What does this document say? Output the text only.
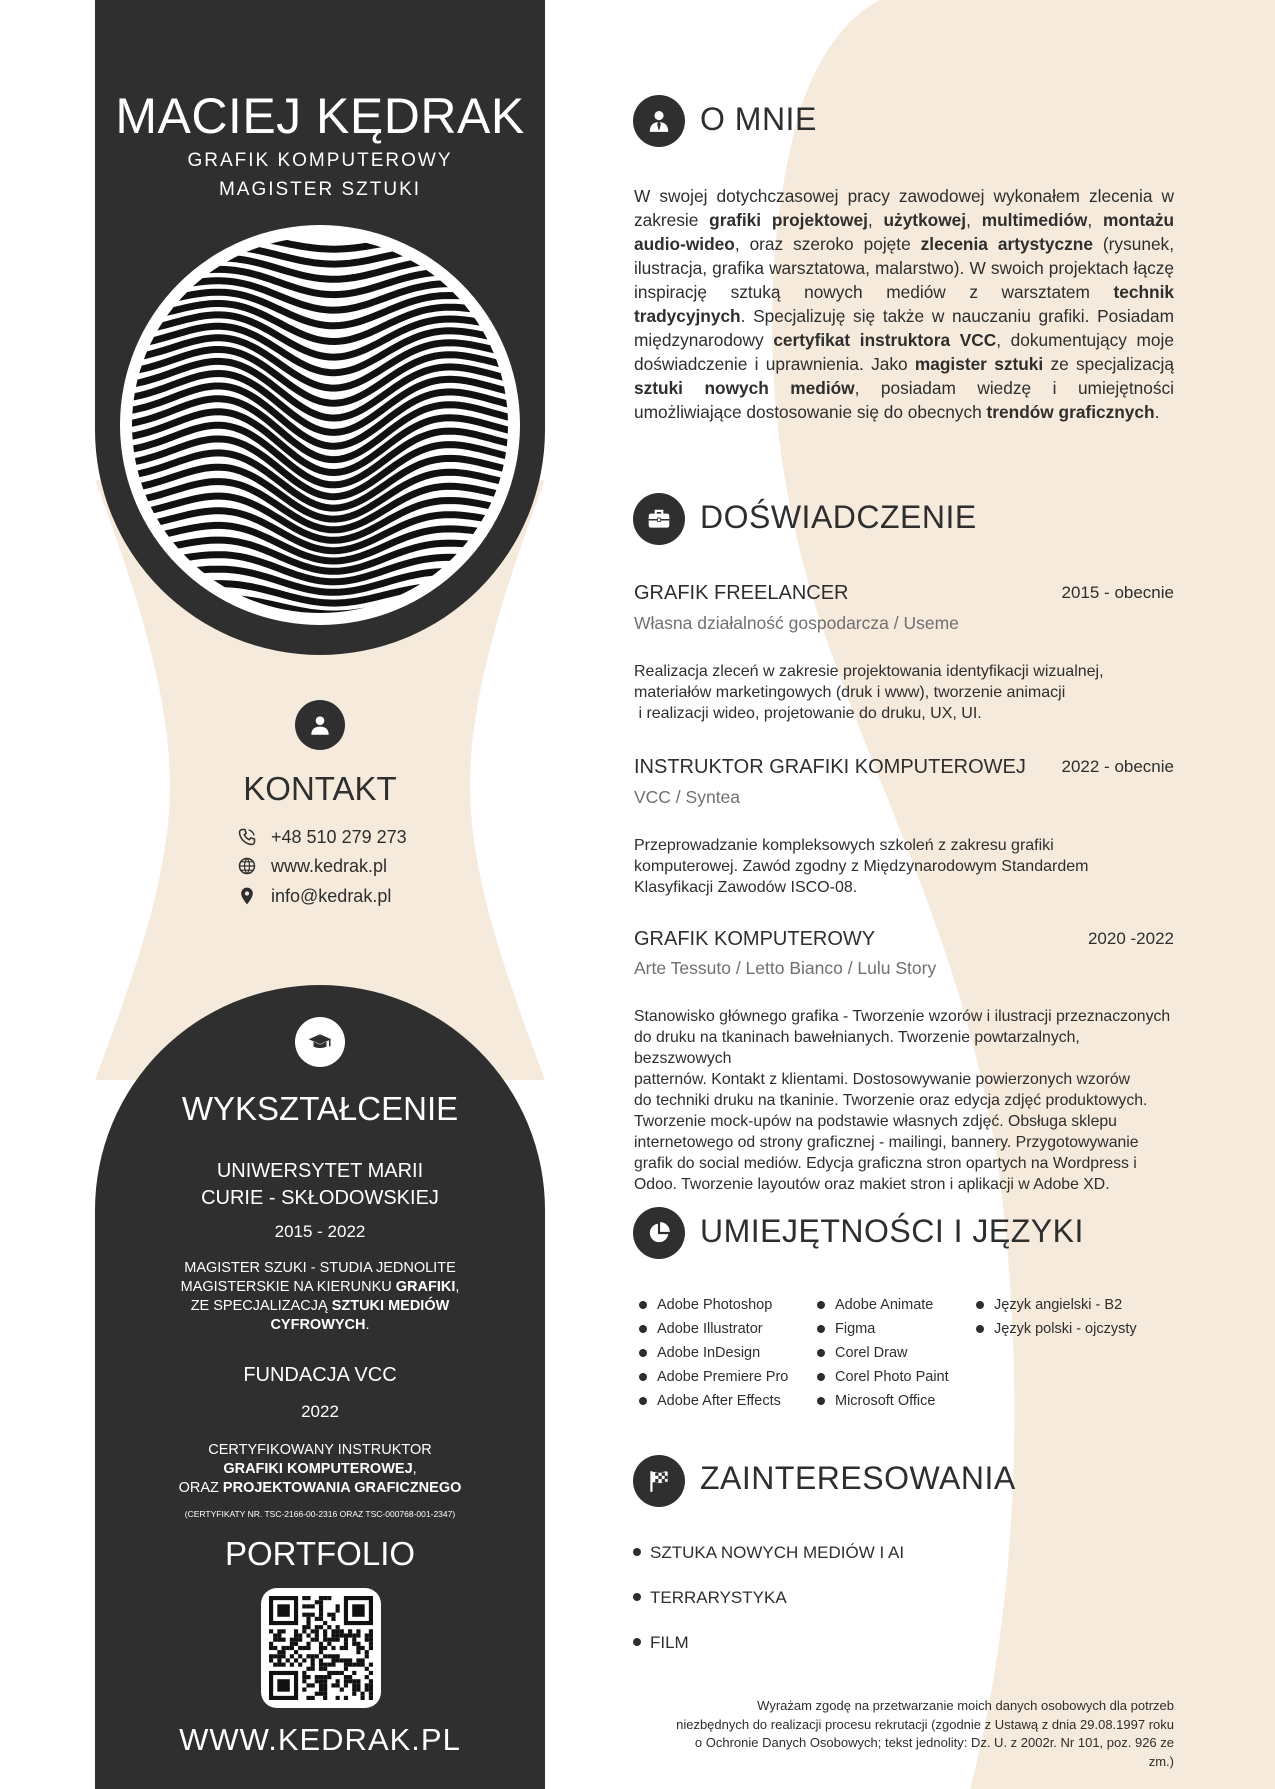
MACIEJ KĘDRAK
GRAFIK KOMPUTEROWY
MAGISTER SZTUKI
KONTAKT
+48 510 279 273
www.kedrak.pl
info@kedrak.pl
WYKSZTAŁCENIE
UNIWERSYTET MARII
CURIE - SKŁODOWSKIEJ
2015 - 2022
MAGISTER SZUKI - STUDIA JEDNOLITE
MAGISTERSKIE NA KIERUNKU GRAFIKI,
ZE SPECJALIZACJĄ SZTUKI MEDIÓW
CYFROWYCH.
FUNDACJA VCC
2022
CERTYFIKOWANY INSTRUKTOR
GRAFIKI KOMPUTEROWEJ,
ORAZ PROJEKTOWANIA GRAFICZNEGO
(CERTYFIKATY NR. TSC-2166-00-2316 ORAZ TSC-000768-001-2347)
PORTFOLIO
WWW.KEDRAK.PL
O MNIE
W swojej dotychczasowej pracy zawodowej wykonałem zlecenia w zakresie grafiki projektowej, użytkowej, multimediów, montażu audio-wideo, oraz szeroko pojęte zlecenia artystyczne (rysunek, ilustracja, grafika warsztatowa, malarstwo). W swoich projektach łączę inspirację sztuką nowych mediów z warsztatem technik tradycyjnych. Specjalizuję się także w nauczaniu grafiki. Posiadam międzynarodowy certyfikat instruktora VCC, dokumentujący moje doświadczenie i uprawnienia. Jako magister sztuki ze specjalizacją sztuki nowych mediów, posiadam wiedzę i umiejętności umożliwiające dostosowanie się do obecnych trendów graficznych.
DOŚWIADCZENIE
GRAFIK FREELANCER	2015 - obecnie
Własna działalność gospodarcza / Useme
Realizacja zleceń w zakresie projektowania identyfikacji wizualnej,
materiałów marketingowych (druk i www), tworzenie animacji
i realizacji wideo, projetowanie do druku, UX, UI.
INSTRUKTOR GRAFIKI KOMPUTEROWEJ 2022 - obecnie
VCC / Syntea
Przeprowadzanie kompleksowych szkoleń z zakresu grafiki
komputerowej. Zawód zgodny z Międzynarodowym Standardem
Klasyfikacji Zawodów ISCO-08.
GRAFIK KOMPUTEROWY	2020 -2022
Arte Tessuto / Letto Bianco / Lulu Story
Stanowisko głównego grafika - Tworzenie wzorów i ilustracji przeznaczonych
do druku na tkaninach bawełnianych. Tworzenie powtarzalnych, bezszwowych
patternów. Kontakt z klientami. Dostosowywanie powierzonych wzorów
do techniki druku na tkaninie. Tworzenie oraz edycja zdjęć produktowych.
Tworzenie mock-upów na podstawie własnych zdjęć. Obsługa sklepu
internetowego od strony graficznej - mailingi, bannery. Przygotowywanie
grafik do social mediów. Edycja graficzna stron opartych na Wordpress i
Odoo. Tworzenie layoutów oraz makiet stron i aplikacji w Adobe XD.
UMIEJĘTNOŚCI I JĘZYKI
Adobe Photoshop
Adobe Illustrator
Adobe InDesign
Adobe Premiere Pro
Adobe After Effects
Adobe Animate
Figma
Corel Draw
Corel Photo Paint
Microsoft Office
Język angielski - B2
Język polski - ojczysty
ZAINTERESOWANIA
SZTUKA NOWYCH MEDIÓW I AI
TERRARYSTYKA
FILM
Wyrażam zgodę na przetwarzanie moich danych osobowych dla potrzeb
niezbędnych do realizacji procesu rekrutacji (zgodnie z Ustawą z dnia 29.08.1997 roku
o Ochronie Danych Osobowych; tekst jednolity: Dz. U. z 2002r. Nr 101, poz. 926 ze zm.)
